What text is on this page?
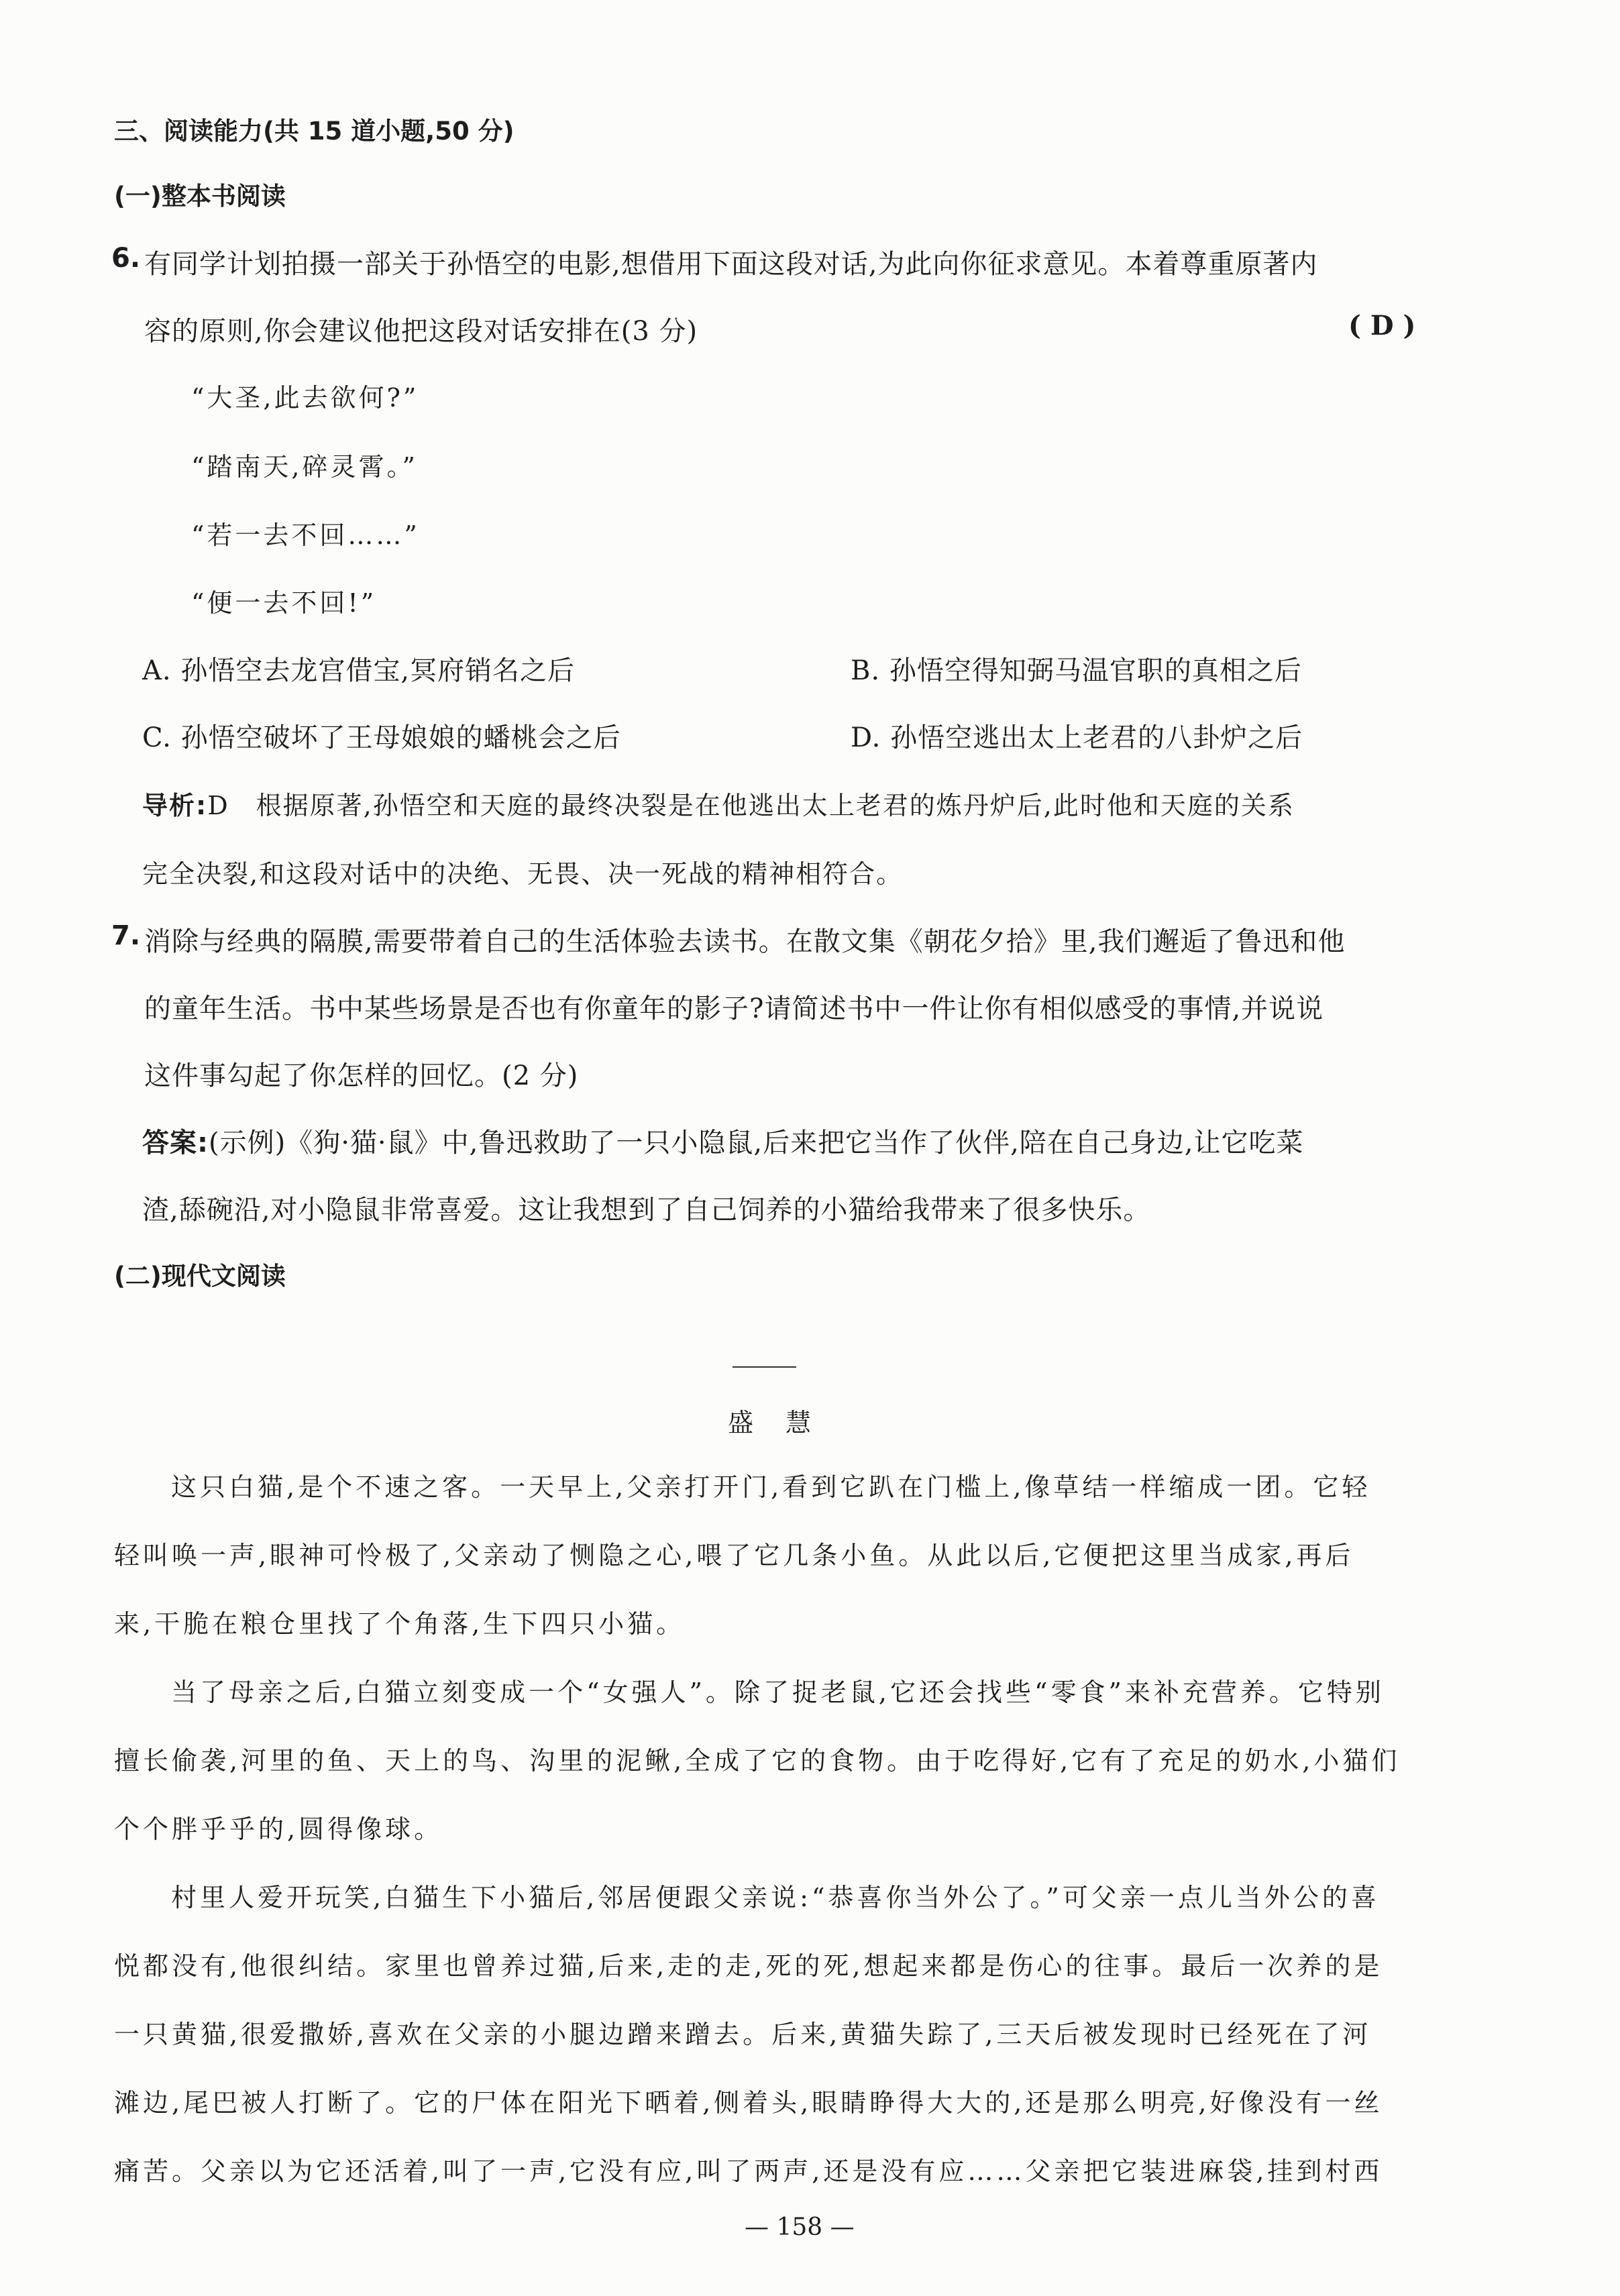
三、阅读能力(共 15 道小题,50 分)
(一)整本书阅读
6. 有同学计划拍摄一部关于孙悟空的电影,想借用下面这段对话,为此向你征求意见。本着尊重原著内
容的原则,你会建议他把这段对话安排在(3 分)	( D )
“大圣,此去欲何?”
“踏南天,碎灵霄。”
“若一去不回……”
“便一去不回!”
A. 孙悟空去龙宫借宝,冥府销名之后	B. 孙悟空得知弼马温官职的真相之后
C. 孙悟空破坏了王母娘娘的蟠桃会之后	D. 孙悟空逃出太上老君的八卦炉之后
导析:D　根据原著,孙悟空和天庭的最终决裂是在他逃出太上老君的炼丹炉后,此时他和天庭的关系
完全决裂,和这段对话中的决绝、无畏、决一死战的精神相符合。
7. 消除与经典的隔膜,需要带着自己的生活体验去读书。在散文集《朝花夕拾》里,我们邂逅了鲁迅和他
的童年生活。书中某些场景是否也有你童年的影子?请简述书中一件让你有相似感受的事情,并说说
这件事勾起了你怎样的回忆。(2 分)
答案:(示例)《狗·猫·鼠》中,鲁迅救助了一只小隐鼠,后来把它当作了伙伴,陪在自己身边,让它吃菜
渣,舔碗沿,对小隐鼠非常喜爱。这让我想到了自己饲养的小猫给我带来了很多快乐。
(二)现代文阅读
盛　慧
这只白猫,是个不速之客。一天早上,父亲打开门,看到它趴在门槛上,像草结一样缩成一团。它轻
轻叫唤一声,眼神可怜极了,父亲动了恻隐之心,喂了它几条小鱼。从此以后,它便把这里当成家,再后
来,干脆在粮仓里找了个角落,生下四只小猫。
当了母亲之后,白猫立刻变成一个“女强人”。除了捉老鼠,它还会找些“零食”来补充营养。它特别
擅长偷袭,河里的鱼、天上的鸟、沟里的泥鳅,全成了它的食物。由于吃得好,它有了充足的奶水,小猫们
个个胖乎乎的,圆得像球。
村里人爱开玩笑,白猫生下小猫后,邻居便跟父亲说:“恭喜你当外公了。”可父亲一点儿当外公的喜
悦都没有,他很纠结。家里也曾养过猫,后来,走的走,死的死,想起来都是伤心的往事。最后一次养的是
一只黄猫,很爱撒娇,喜欢在父亲的小腿边蹭来蹭去。后来,黄猫失踪了,三天后被发现时已经死在了河
滩边,尾巴被人打断了。它的尸体在阳光下晒着,侧着头,眼睛睁得大大的,还是那么明亮,好像没有一丝
痛苦。父亲以为它还活着,叫了一声,它没有应,叫了两声,还是没有应……父亲把它装进麻袋,挂到村西
— 158 —
